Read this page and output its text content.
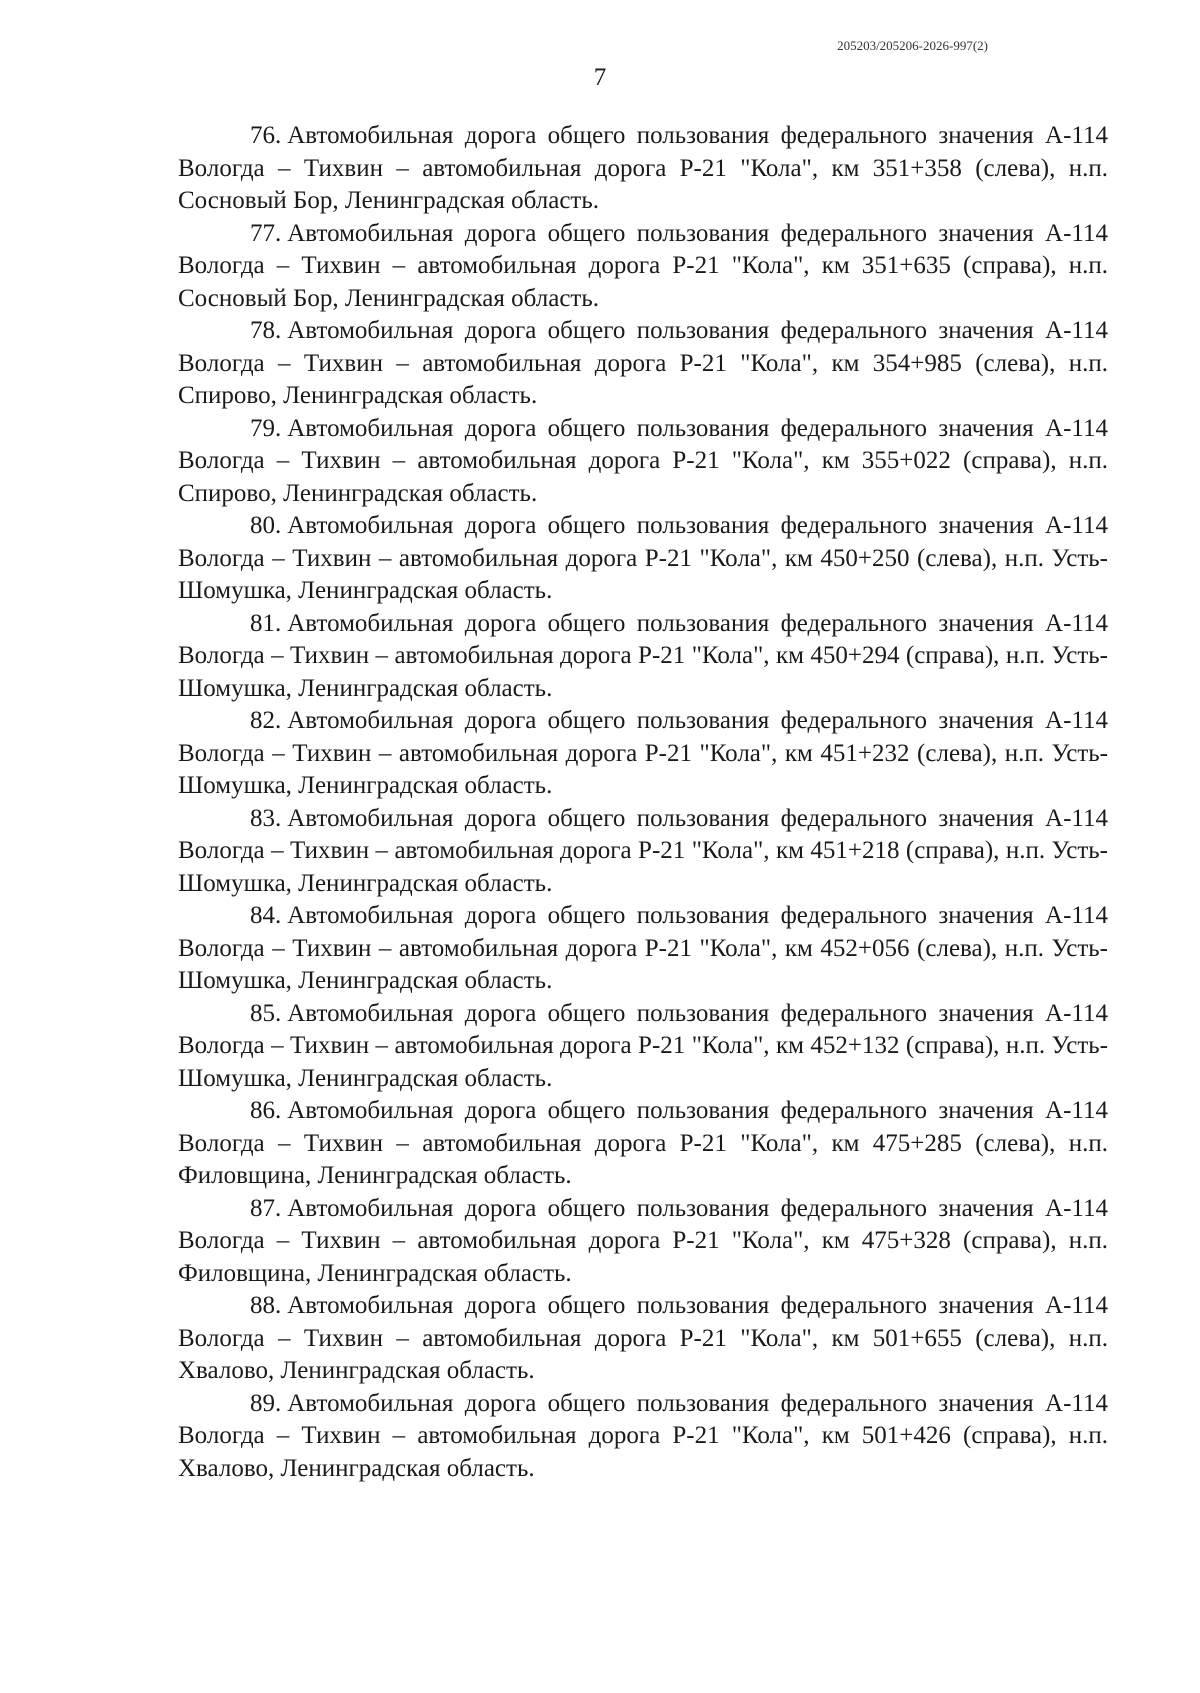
205203/205206-2026-997(2)
7
76. Автомобильная дорога общего пользования федерального значения А-114 Вологда – Тихвин – автомобильная дорога Р-21 "Кола", км 351+358 (слева), н.п. Сосновый Бор, Ленинградская область.
77. Автомобильная дорога общего пользования федерального значения А-114 Вологда – Тихвин – автомобильная дорога Р-21 "Кола", км 351+635 (справа), н.п. Сосновый Бор, Ленинградская область.
78. Автомобильная дорога общего пользования федерального значения А-114 Вологда – Тихвин – автомобильная дорога Р-21 "Кола", км 354+985 (слева), н.п. Спирово, Ленинградская область.
79. Автомобильная дорога общего пользования федерального значения А-114 Вологда – Тихвин – автомобильная дорога Р-21 "Кола", км 355+022 (справа), н.п. Спирово, Ленинградская область.
80. Автомобильная дорога общего пользования федерального значения А-114 Вологда – Тихвин – автомобильная дорога Р-21 "Кола", км 450+250 (слева), н.п. Усть-Шомушка, Ленинградская область.
81. Автомобильная дорога общего пользования федерального значения А-114 Вологда – Тихвин – автомобильная дорога Р-21 "Кола", км 450+294 (справа), н.п. Усть-Шомушка, Ленинградская область.
82. Автомобильная дорога общего пользования федерального значения А-114 Вологда – Тихвин – автомобильная дорога Р-21 "Кола", км 451+232 (слева), н.п. Усть-Шомушка, Ленинградская область.
83. Автомобильная дорога общего пользования федерального значения А-114 Вологда – Тихвин – автомобильная дорога Р-21 "Кола", км 451+218 (справа), н.п. Усть-Шомушка, Ленинградская область.
84. Автомобильная дорога общего пользования федерального значения А-114 Вологда – Тихвин – автомобильная дорога Р-21 "Кола", км 452+056 (слева), н.п. Усть-Шомушка, Ленинградская область.
85. Автомобильная дорога общего пользования федерального значения А-114 Вологда – Тихвин – автомобильная дорога Р-21 "Кола", км 452+132 (справа), н.п. Усть-Шомушка, Ленинградская область.
86. Автомобильная дорога общего пользования федерального значения А-114 Вологда – Тихвин – автомобильная дорога Р-21 "Кола", км 475+285 (слева), н.п. Филовщина, Ленинградская область.
87. Автомобильная дорога общего пользования федерального значения А-114 Вологда – Тихвин – автомобильная дорога Р-21 "Кола", км 475+328 (справа), н.п. Филовщина, Ленинградская область.
88. Автомобильная дорога общего пользования федерального значения А-114 Вологда – Тихвин – автомобильная дорога Р-21 "Кола", км 501+655 (слева), н.п. Хвалово, Ленинградская область.
89. Автомобильная дорога общего пользования федерального значения А-114 Вологда – Тихвин – автомобильная дорога Р-21 "Кола", км 501+426 (справа), н.п. Хвалово, Ленинградская область.
